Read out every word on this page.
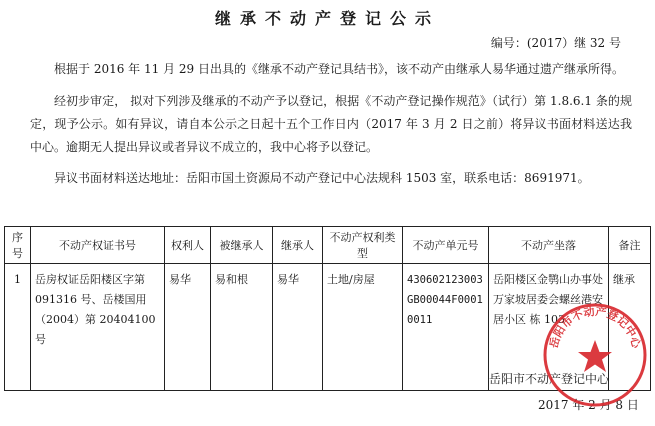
继承不动产登记公示
编号：(2017）继 32 号
根据于 2016 年 11 月 29 日出具的《继承不动产登记具结书》，该不动产由继承人易华通过遗产继承所得。
经初步审定， 拟对下列涉及继承的不动产予以登记，根据《不动产登记操作规范》（试行）第 1.8.6.1 条的规定，现予公示。如有异议，请自本公示之日起十五个工作日内（2017 年 3 月 2 日之前）将异议书面材料送达我中心。逾期无人提出异议或者异议不成立的，我中心将予以登记。
异议书面材料送达地址：岳阳市国土资源局不动产登记中心法规科 1503 室，联系电话：8691971。
序号	不动产权证书号	权利人	被继承人	继承人	不动产权利类型	不动产单元号	不动产坐落	备注
1	岳房权证岳阳楼区字第 091316 号、岳楼国用（2004）第 20404100 号	易华	易和根	易华	土地/房屋	430602123003GB00044F00010011	岳阳楼区金鹗山办事处万家坡居委会螺丝港安居小区 栋 103	继承
岳阳市不动产登记中心
2017 年 2 月 8 日
岳阳市不动产登记中心
